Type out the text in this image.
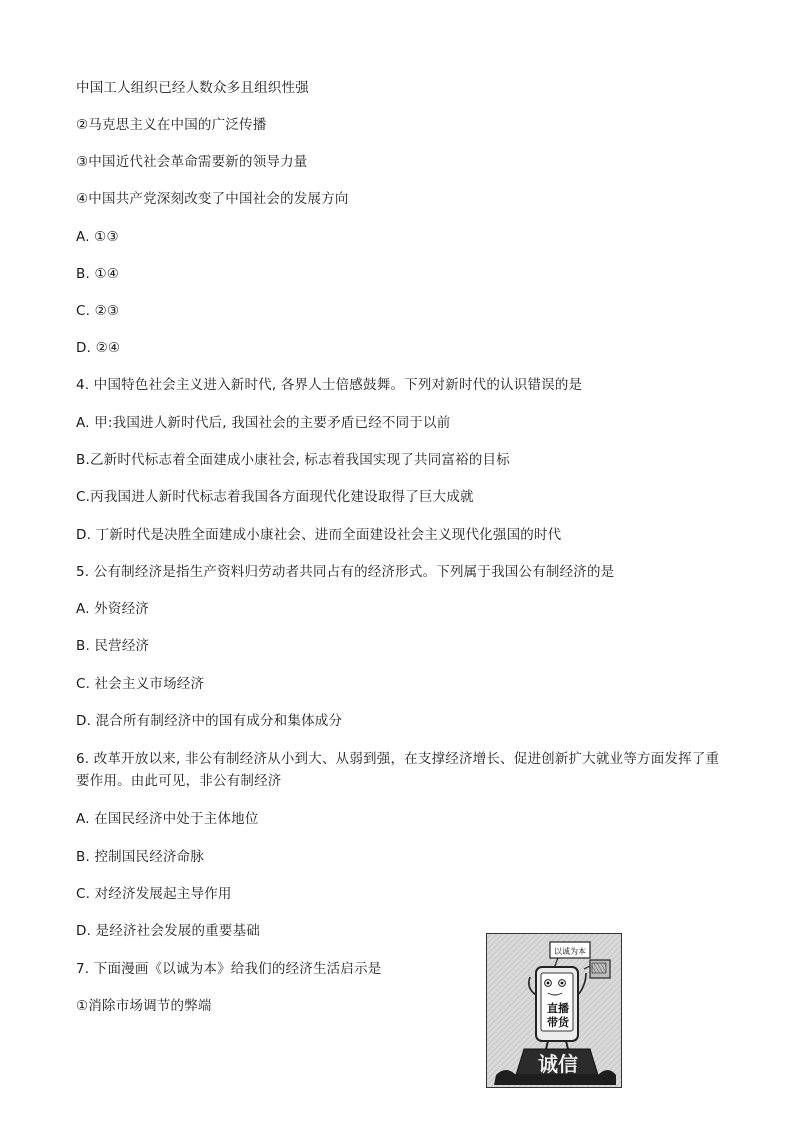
中国工人组织已经人数众多且组织性强
②马克思主义在中国的广泛传播
③中国近代社会革命需要新的领导力量
④中国共产党深刻改变了中国社会的发展方向
A. ①③
B. ①④
C. ②③
D. ②④
4. 中国特色社会主义进入新时代, 各界人士倍感鼓舞。下列对新时代的认识错误的是
A. 甲:我国进人新时代后, 我国社会的主要矛盾已经不同于以前
B.乙新时代标志着全面建成小康社会, 标志着我国实现了共同富裕的目标
C.丙我国进人新时代标志着我国各方面现代化建设取得了巨大成就
D. 丁新时代是决胜全面建成小康社会、进而全面建设社会主义现代化强国的时代
5. 公有制经济是指生产资料归劳动者共同占有的经济形式。下列属于我国公有制经济的是
A. 外资经济
B. 民营经济
C. 社会主义市场经济
D. 混合所有制经济中的国有成分和集体成分
6. 改革开放以来, 非公有制经济从小到大、从弱到强，在支撑经济增长、促进创新扩大就业等方面发挥了重要作用。由此可见，非公有制经济
A. 在国民经济中处于主体地位
B. 控制国民经济命脉
C. 对经济发展起主导作用
D. 是经济社会发展的重要基础
7. 下面漫画《以诚为本》给我们的经济生活启示是
①消除市场调节的弊端
以诚为本
直播
带货
诚信
